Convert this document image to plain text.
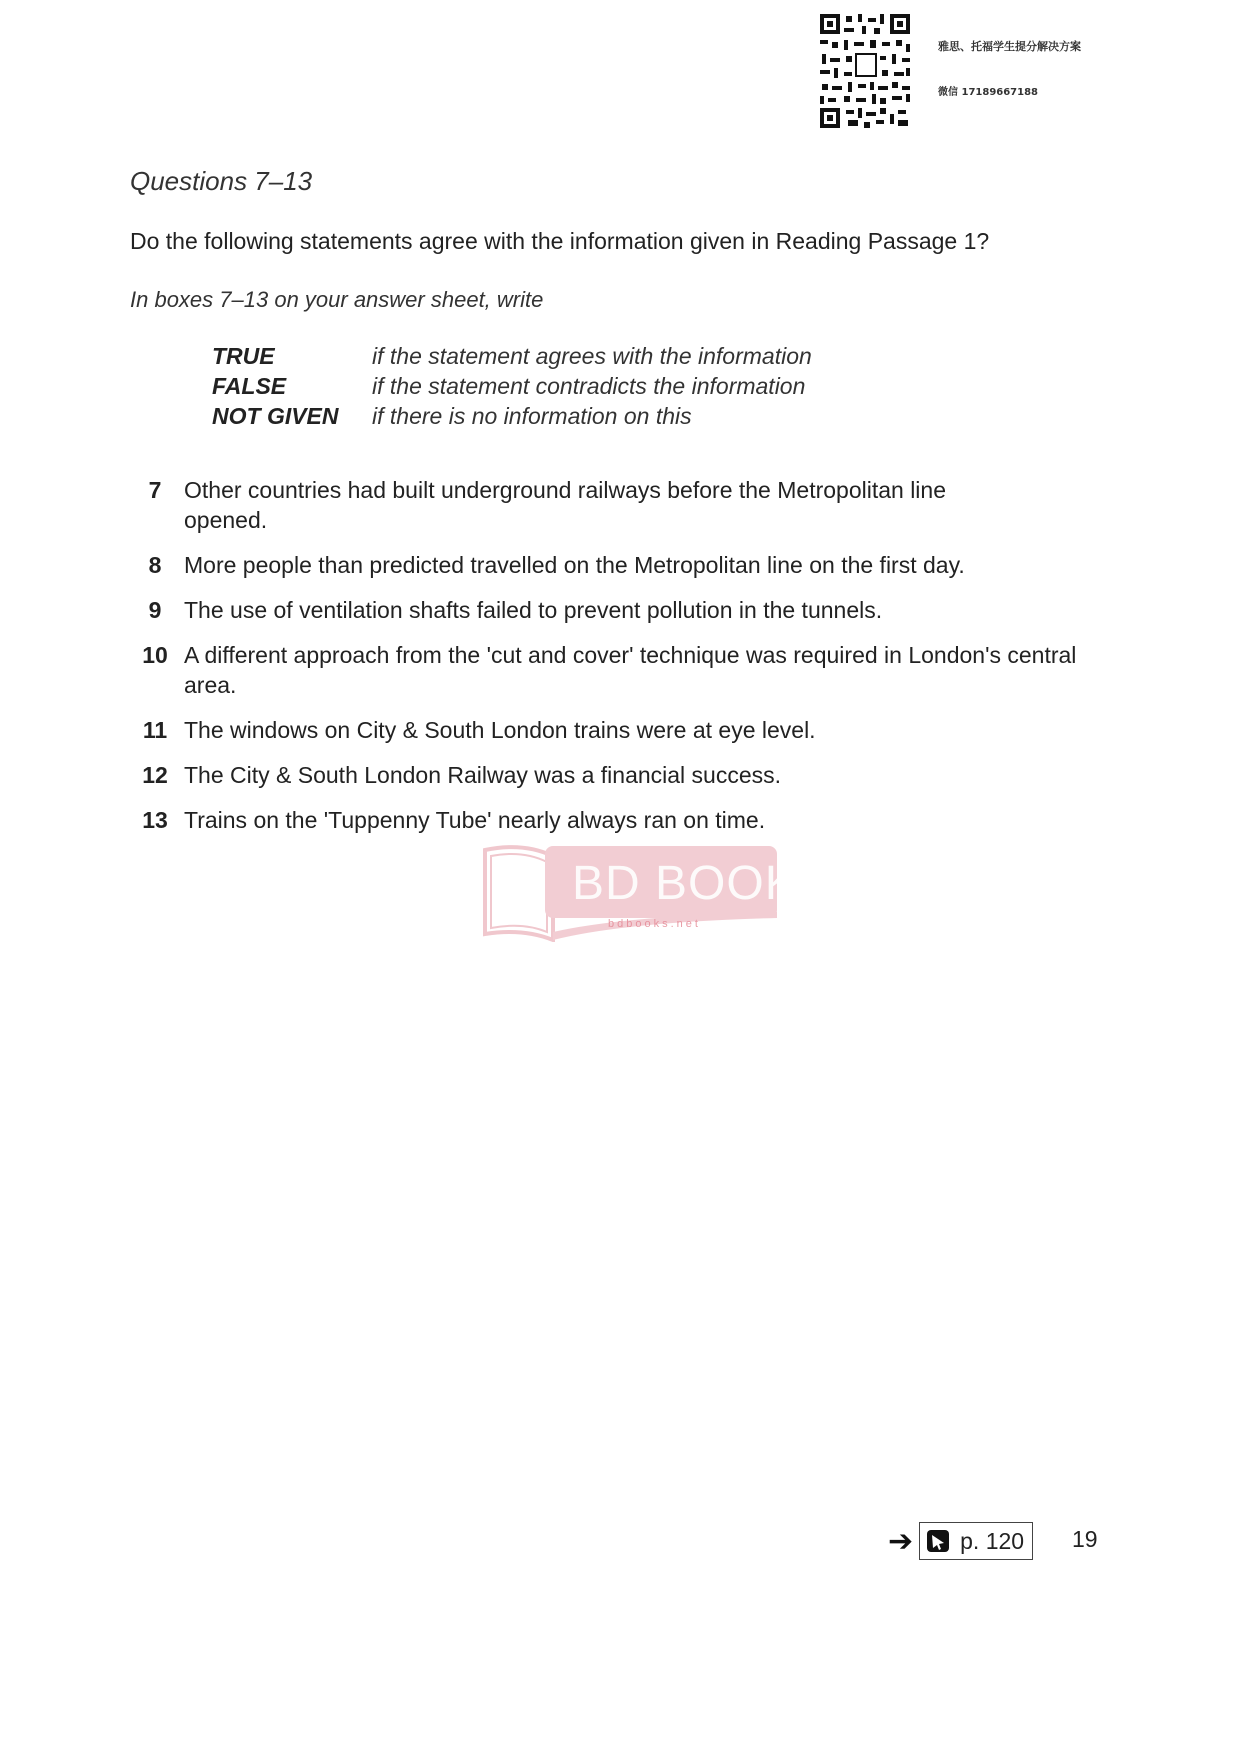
雅思、托福学生提分解决方案
微信 17189667188
Questions 7–13
Do the following statements agree with the information given in Reading Passage 1?
In boxes 7–13 on your answer sheet, write
TRUE	if the statement agrees with the information
FALSE	if the statement contradicts the information
NOT GIVEN	if there is no information on this
7 Other countries had built underground railways before the Metropolitan line opened.
8 More people than predicted travelled on the Metropolitan line on the first day.
9 The use of ventilation shafts failed to prevent pollution in the tunnels.
10 A different approach from the 'cut and cover' technique was required in London's central area.
11 The windows on City & South London trains were at eye level.
12 The City & South London Railway was a financial success.
13 Trains on the 'Tuppenny Tube' nearly always ran on time.
BD BOOKS
bdbooks.net
➔ p. 120 19
